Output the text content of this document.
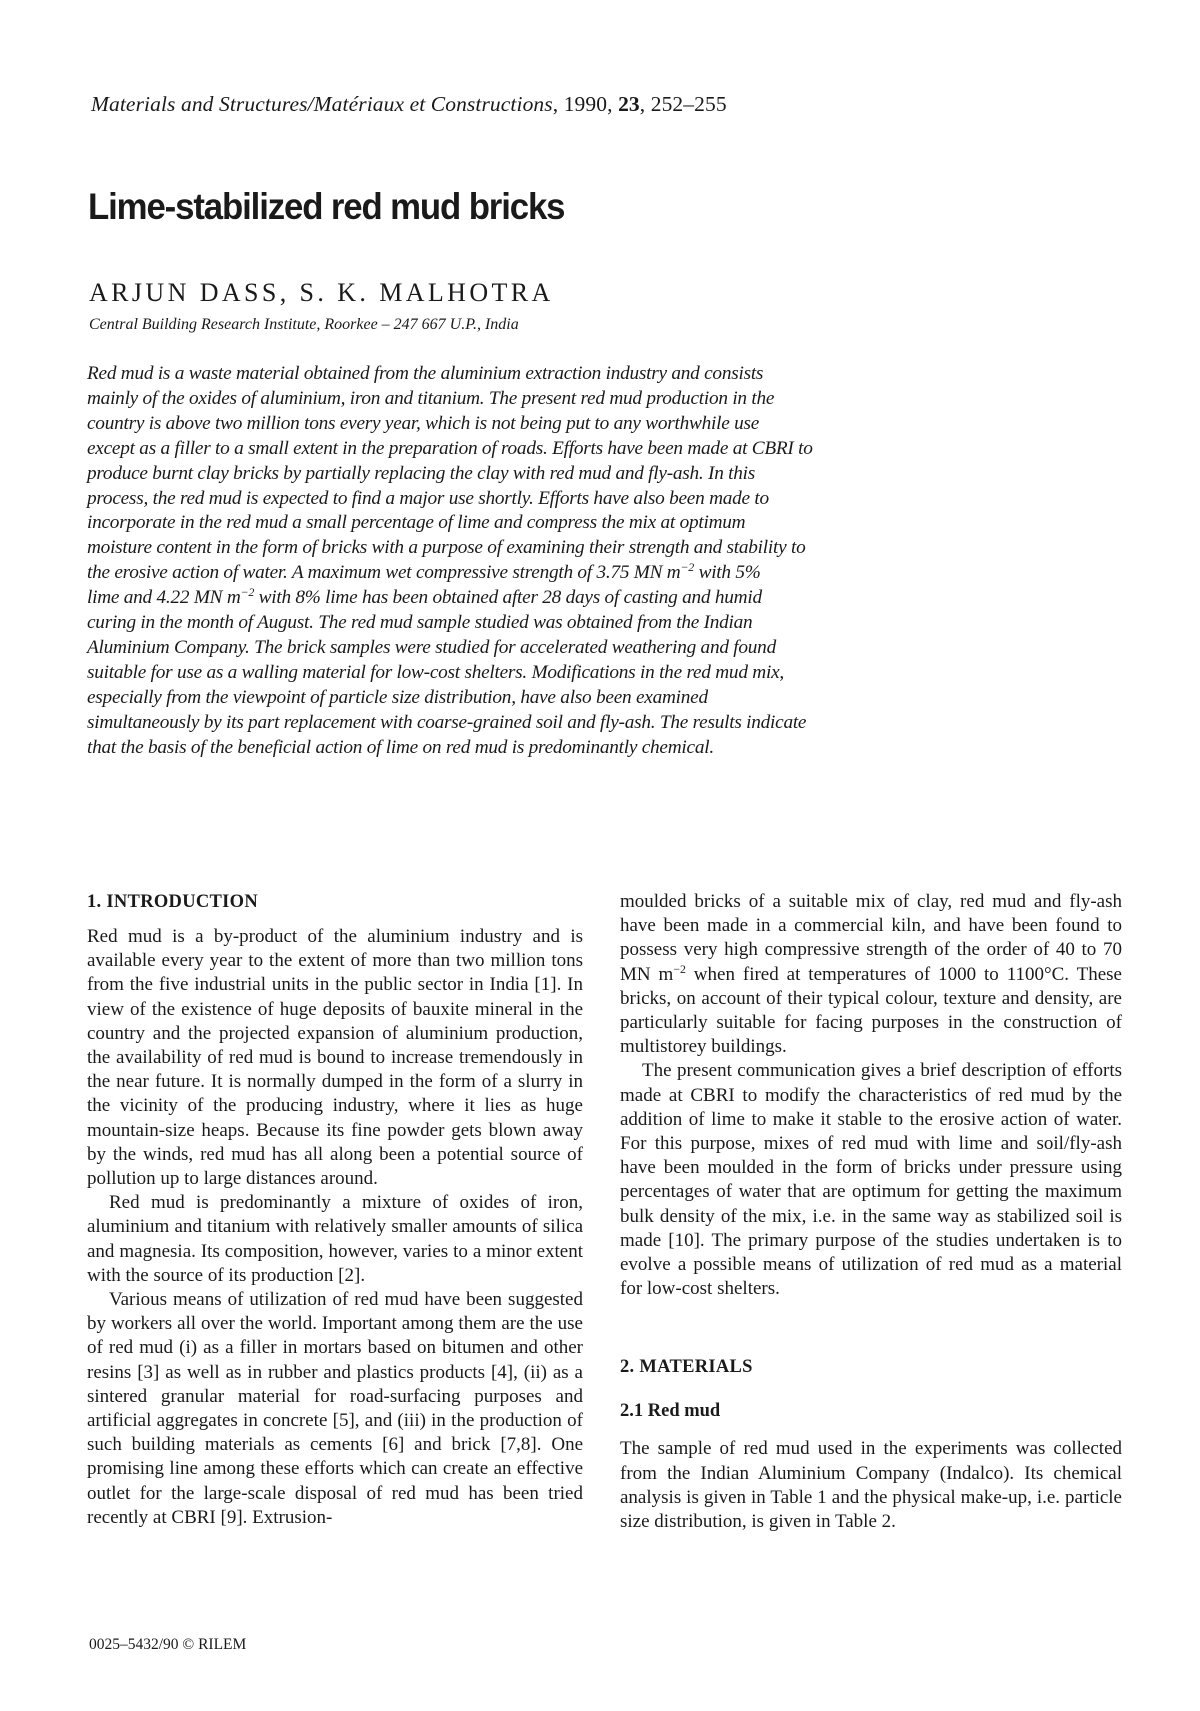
Materials and Structures/Matériaux et Constructions, 1990, 23, 252–255
Lime-stabilized red mud bricks
ARJUN DASS, S. K. MALHOTRA
Central Building Research Institute, Roorkee – 247 667 U.P., India
Red mud is a waste material obtained from the aluminium extraction industry and consists
mainly of the oxides of aluminium, iron and titanium. The present red mud production in the
country is above two million tons every year, which is not being put to any worthwhile use
except as a filler to a small extent in the preparation of roads. Efforts have been made at CBRI to
produce burnt clay bricks by partially replacing the clay with red mud and fly-ash. In this
process, the red mud is expected to find a major use shortly. Efforts have also been made to
incorporate in the red mud a small percentage of lime and compress the mix at optimum
moisture content in the form of bricks with a purpose of examining their strength and stability to
the erosive action of water. A maximum wet compressive strength of 3.75 MN $m^{-2}$ with 5%
lime and 4.22 MN $m^{-2}$ with 8% lime has been obtained after 28 days of casting and humid
curing in the month of August. The red mud sample studied was obtained from the Indian
Aluminium Company. The brick samples were studied for accelerated weathering and found
suitable for use as a walling material for low-cost shelters. Modifications in the red mud mix,
especially from the viewpoint of particle size distribution, have also been examined
simultaneously by its part replacement with coarse-grained soil and fly-ash. The results indicate
that the basis of the beneficial action of lime on red mud is predominantly chemical.
1. INTRODUCTION

Red mud is a by-product of the aluminium industry and is available every year to the extent of more than two million tons from the five industrial units in the public sector in India [1]. In view of the existence of huge deposits of bauxite mineral in the country and the projected expansion of aluminium production, the availability of red mud is bound to increase tremendously in the near future. It is normally dumped in the form of a slurry in the vicinity of the producing industry, where it lies as huge mountain-size heaps. Because its fine powder gets blown away by the winds, red mud has all along been a potential source of pollution up to large distances around.

Red mud is predominantly a mixture of oxides of iron, aluminium and titanium with relatively smaller amounts of silica and magnesia. Its composition, however, varies to a minor extent with the source of its production [2].

Various means of utilization of red mud have been suggested by workers all over the world. Important among them are the use of red mud (i) as a filler in mortars based on bitumen and other resins [3] as well as in rubber and plastics products [4], (ii) as a sintered granular material for road-surfacing purposes and artificial aggregates in concrete [5], and (iii) in the production of such building materials as cements [6] and brick [7,8]. One promising line among these efforts which can create an effective outlet for the large-scale disposal of red mud has been tried recently at CBRI [9]. Extrusion-

moulded bricks of a suitable mix of clay, red mud and fly-ash have been made in a commercial kiln, and have been found to possess very high compressive strength of the order of 40 to 70 MN $m^{-2}$ when fired at temperatures of 1000 to 1100°C. These bricks, on account of their typical colour, texture and density, are particularly suitable for facing purposes in the construction of multistorey buildings.

The present communication gives a brief description of efforts made at CBRI to modify the characteristics of red mud by the addition of lime to make it stable to the erosive action of water. For this purpose, mixes of red mud with lime and soil/fly-ash have been moulded in the form of bricks under pressure using percentages of water that are optimum for getting the maximum bulk density of the mix, i.e. in the same way as stabilized soil is made [10]. The primary purpose of the studies undertaken is to evolve a possible means of utilization of red mud as a material for low-cost shelters.

2. MATERIALS
2.1 Red mud

The sample of red mud used in the experiments was collected from the Indian Aluminium Company (Indalco). Its chemical analysis is given in Table 1 and the physical make-up, i.e. particle size distribution, is given in Table 2.

0025–5432/90 © RILEM
